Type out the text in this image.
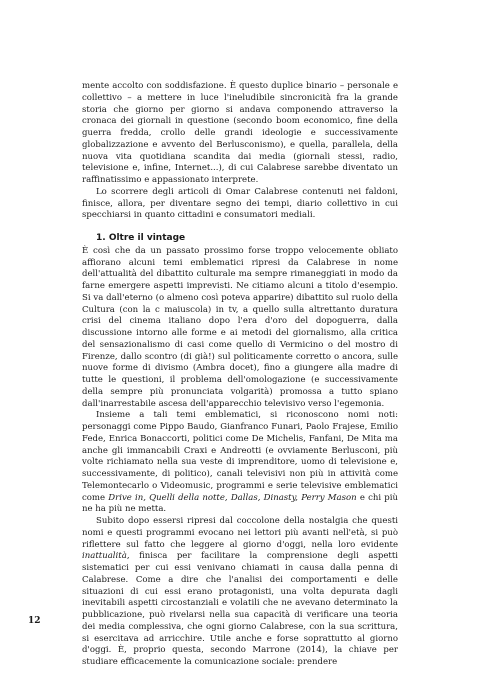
mente accolto con soddisfazione. È questo duplice binario – personale e collettivo – a mettere in luce l'ineludibile sincronicità fra la grande storia che giorno per giorno si andava componendo attraverso la cronaca dei giornali in questione (secondo boom economico, fine della guerra fredda, crollo delle grandi ideologie e successivamente globalizzazione e avvento del Berlusconismo), e quella, parallela, della nuova vita quotidiana scandita dai media (giornali stessi, radio, televisione e, infine, Internet...), di cui Calabrese sarebbe diventato un raffinatissimo e appassionato interprete.

Lo scorrere degli articoli di Omar Calabrese contenuti nei faldoni, finisce, allora, per diventare segno dei tempi, diario collettivo in cui specchiarsi in quanto cittadini e consumatori mediali.

1. Oltre il vintage

È così che da un passato prossimo forse troppo velocemente obliato affiorano alcuni temi emblematici ripresi da Calabrese in nome dell'attualità del dibattito culturale ma sempre rimaneggiati in modo da farne emergere aspetti imprevisti. Ne citiamo alcuni a titolo d'esempio. Si va dall'eterno (o almeno così poteva apparire) dibattito sul ruolo della Cultura (con la c maiuscola) in tv, a quello sulla altrettanto duratura crisi del cinema italiano dopo l'era d'oro del dopoguerra, dalla discussione intorno alle forme e ai metodi del giornalismo, alla critica del sensazionalismo di casi come quello di Vermicino o del mostro di Firenze, dallo scontro (di già!) sul politicamente corretto o ancora, sulle nuove forme di divismo (Ambra docet), fino a giungere alla madre di tutte le questioni, il problema dell'omologazione (e successivamente della sempre più pronunciata volgarità) promossa a tutto spiano dall'inarrestabile ascesa dell'apparecchio televisivo verso l'egemonia.

Insieme a tali temi emblematici, si riconoscono nomi noti: personaggi come Pippo Baudo, Gianfranco Funari, Paolo Frajese, Emilio Fede, Enrica Bonaccorti, politici come De Michelis, Fanfani, De Mita ma anche gli immancabili Craxi e Andreotti (e ovviamente Berlusconi, più volte richiamato nella sua veste di imprenditore, uomo di televisione e, successivamente, di politico), canali televisivi non più in attività come Telemontecarlo o Videomusic, programmi e serie televisive emblematici come Drive in, Quelli della notte, Dallas, Dinasty, Perry Mason e chi più ne ha più ne metta.

Subito dopo essersi ripresi dal coccolone della nostalgia che questi nomi e questi programmi evocano nei lettori più avanti nell'età, si può riflettere sul fatto che leggere al giorno d'oggi, nella loro evidente inattualità, finisca per facilitare la comprensione degli aspetti sistematici per cui essi venivano chiamati in causa dalla penna di Calabrese. Come a dire che l'analisi dei comportamenti e delle situazioni di cui essi erano protagonisti, una volta depurata dagli inevitabili aspetti circostanziali e volatili che ne avevano determinato la pubblicazione, può rivelarsi nella sua capacità di verificare una teoria dei media complessiva, che ogni giorno Calabrese, con la sua scrittura, si esercitava ad arricchire. Utile anche e forse soprattutto al giorno d'oggi. È, proprio questa, secondo Marrone (2014), la chiave per studiare efficacemente la comunicazione sociale: prendere

12
